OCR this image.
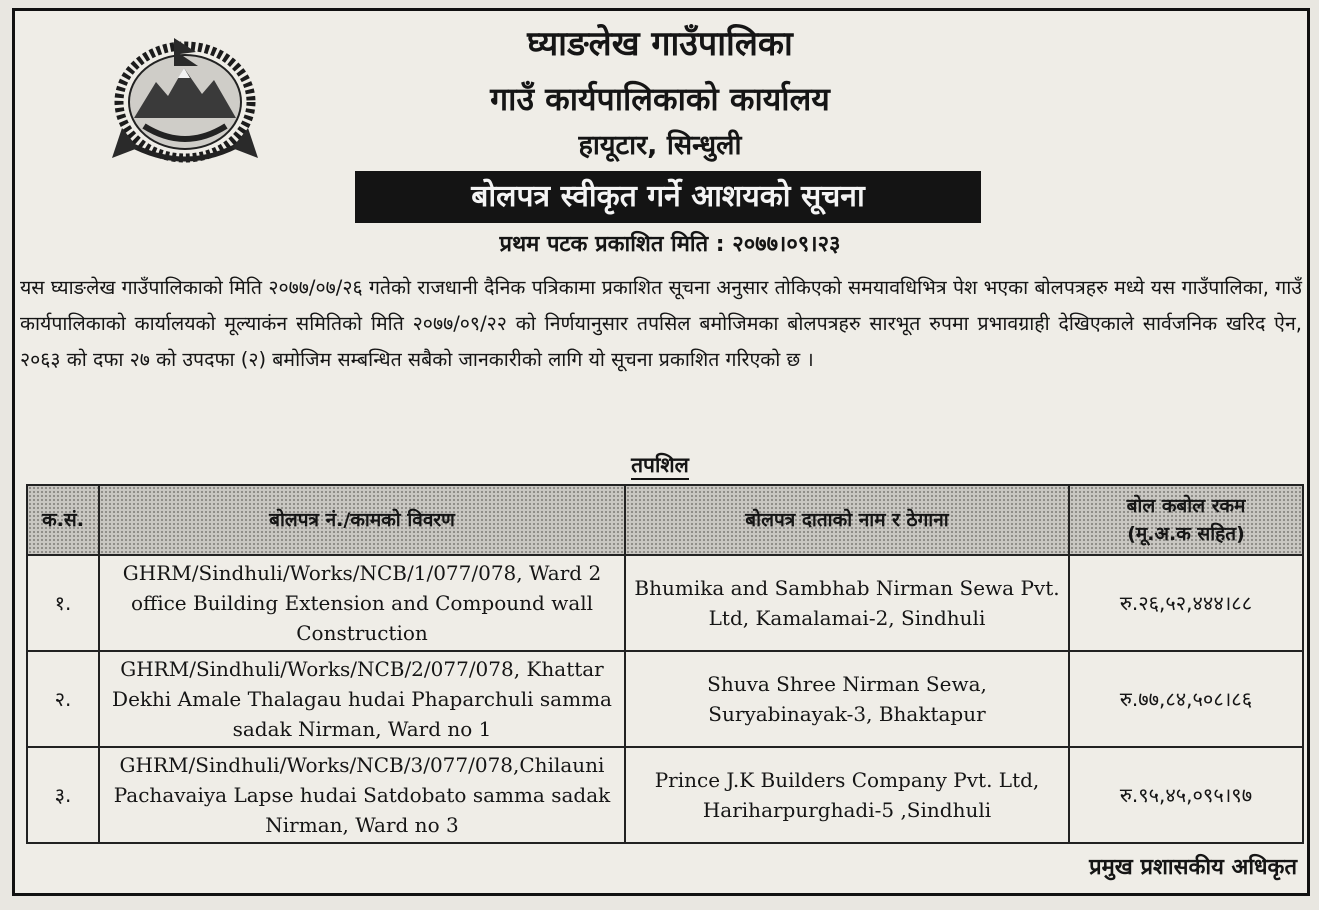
घ्याङलेख गाउँपालिका
गाउँ कार्यपालिकाको कार्यालय
हायूटार, सिन्धुली
बोलपत्र स्वीकृत गर्ने आशयको सूचना
प्रथम पटक प्रकाशित मिति : २०७७।०९।२३
यस घ्याङलेख गाउँपालिकाको मिति २०७७/०७/२६ गतेको राजधानी दैनिक पत्रिकामा प्रकाशित सूचना अनुसार तोकिएको समयावधिभित्र पेश भएका बोलपत्रहरु मध्ये यस गाउँपालिका, गाउँ कार्यपालिकाको कार्यालयको मूल्याकंन समितिको मिति २०७७/०९/२२ को निर्णयानुसार तपसिल बमोजिमका बोलपत्रहरु सारभूत रुपमा प्रभावग्राही देखिएकाले सार्वजनिक खरिद ऐन, २०६३ को दफा २७ को उपदफा (२) बमोजिम सम्बन्धित सबैको जानकारीको लागि यो सूचना प्रकाशित गरिएको छ ।
तपशिल
क.सं.	बोलपत्र नं./कामको विवरण	बोलपत्र दाताको नाम र ठेगाना	बोल कबोल रकम
(मू.अ.क सहित)

१.	GHRM/Sindhuli/Works/NCB/1/077/078, Ward 2 office Building Extension and Compound wall Construction	Bhumika and Sambhab Nirman Sewa Pvt. Ltd, Kamalamai-2, Sindhuli	रु.२६,५२,४४४।८८
२.	GHRM/Sindhuli/Works/NCB/2/077/078, Khattar Dekhi Amale Thalagau hudai Phaparchuli samma sadak Nirman, Ward no 1	Shuva Shree Nirman Sewa, Suryabinayak-3, Bhaktapur	रु.७७,८४,५०८।८६
३.	GHRM/Sindhuli/Works/NCB/3/077/078,Chilauni Pachavaiya Lapse hudai Satdobato samma sadak Nirman, Ward no 3	Prince J.K Builders Company Pvt. Ltd, Hariharpurghadi-5 ,Sindhuli	रु.९५,४५,०९५।९७
प्रमुख प्रशासकीय अधिकृत
